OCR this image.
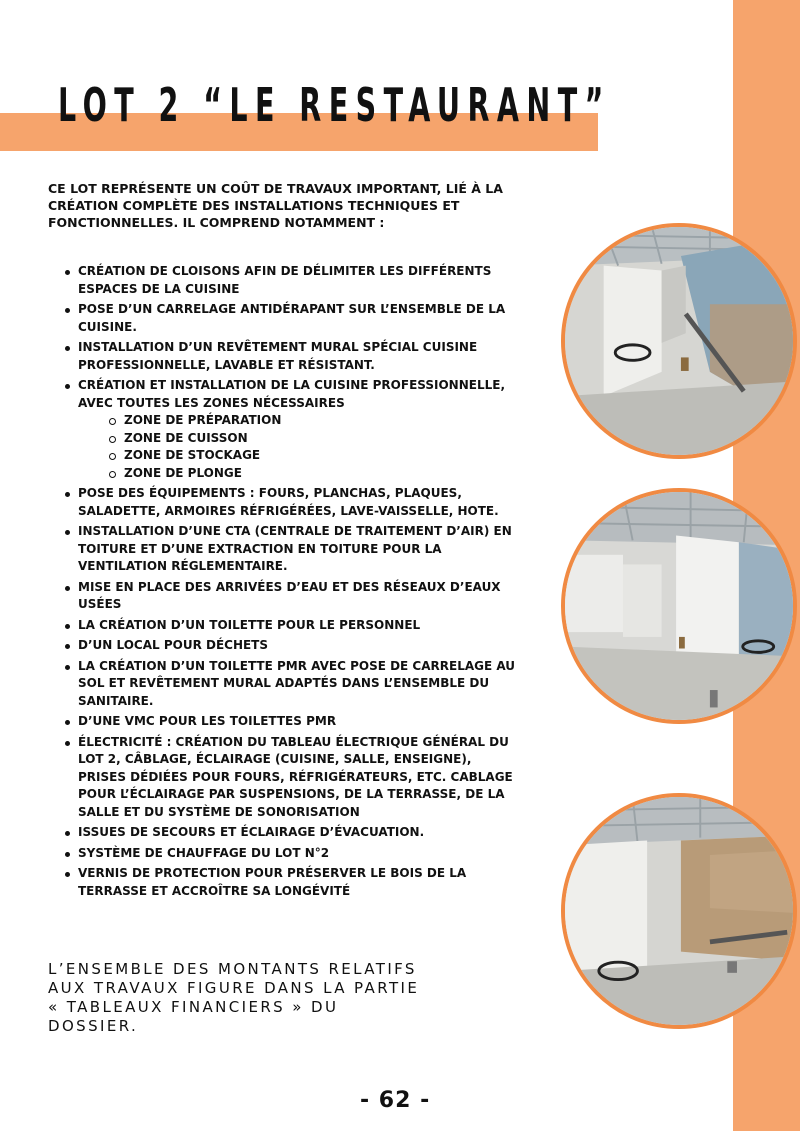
LOT 2 “LE RESTAURANT”

CE LOT REPRÉSENTE UN COÛT DE TRAVAUX IMPORTANT, LIÉ À LA CRÉATION COMPLÈTE DES INSTALLATIONS TECHNIQUES ET FONCTIONNELLES. IL COMPREND NOTAMMENT :

CRÉATION DE CLOISONS AFIN DE DÉLIMITER LES DIFFÉRENTS ESPACES DE LA CUISINE
POSE D’UN CARRELAGE ANTIDÉRAPANT SUR L’ENSEMBLE DE LA CUISINE.
INSTALLATION D’UN REVÊTEMENT MURAL SPÉCIAL CUISINE PROFESSIONNELLE, LAVABLE ET RÉSISTANT.
CRÉATION ET INSTALLATION DE LA CUISINE PROFESSIONNELLE, AVEC TOUTES LES ZONES NÉCESSAIRES
ZONE DE PRÉPARATION
ZONE DE CUISSON
ZONE DE STOCKAGE
ZONE DE PLONGE
POSE DES ÉQUIPEMENTS : FOURS, PLANCHAS, PLAQUES, SALADETTE, ARMOIRES RÉFRIGÉRÉES, LAVE-VAISSELLE, HOTE.
INSTALLATION D’UNE CTA (CENTRALE DE TRAITEMENT D’AIR) EN TOITURE ET D’UNE EXTRACTION EN TOITURE POUR LA VENTILATION RÉGLEMENTAIRE.
MISE EN PLACE DES ARRIVÉES D’EAU ET DES RÉSEAUX D’EAUX USÉES
LA CRÉATION D’UN TOILETTE POUR LE PERSONNEL
D’UN LOCAL POUR DÉCHETS
LA CRÉATION D’UN TOILETTE PMR AVEC POSE DE CARRELAGE AU SOL ET REVÊTEMENT MURAL ADAPTÉS DANS L’ENSEMBLE DU SANITAIRE.
D’UNE VMC POUR LES TOILETTES PMR
ÉLECTRICITÉ : CRÉATION DU TABLEAU ÉLECTRIQUE GÉNÉRAL DU LOT 2, CÂBLAGE, ÉCLAIRAGE (CUISINE, SALLE, ENSEIGNE), PRISES DÉDIÉES POUR FOURS, RÉFRIGÉRATEURS, ETC. CABLAGE POUR L’ÉCLAIRAGE PAR SUSPENSIONS, DE LA TERRASSE, DE LA SALLE ET DU SYSTÈME DE SONORISATION
ISSUES DE SECOURS ET ÉCLAIRAGE D’ÉVACUATION.
SYSTÈME DE CHAUFFAGE DU LOT N°2
VERNIS DE PROTECTION POUR PRÉSERVER LE BOIS DE LA TERRASSE ET ACCROÎTRE SA LONGÉVITÉ

L’ENSEMBLE DES MONTANTS RELATIFS AUX TRAVAUX FIGURE DANS LA PARTIE « TABLEAUX FINANCIERS » DU DOSSIER.

- 62 -
